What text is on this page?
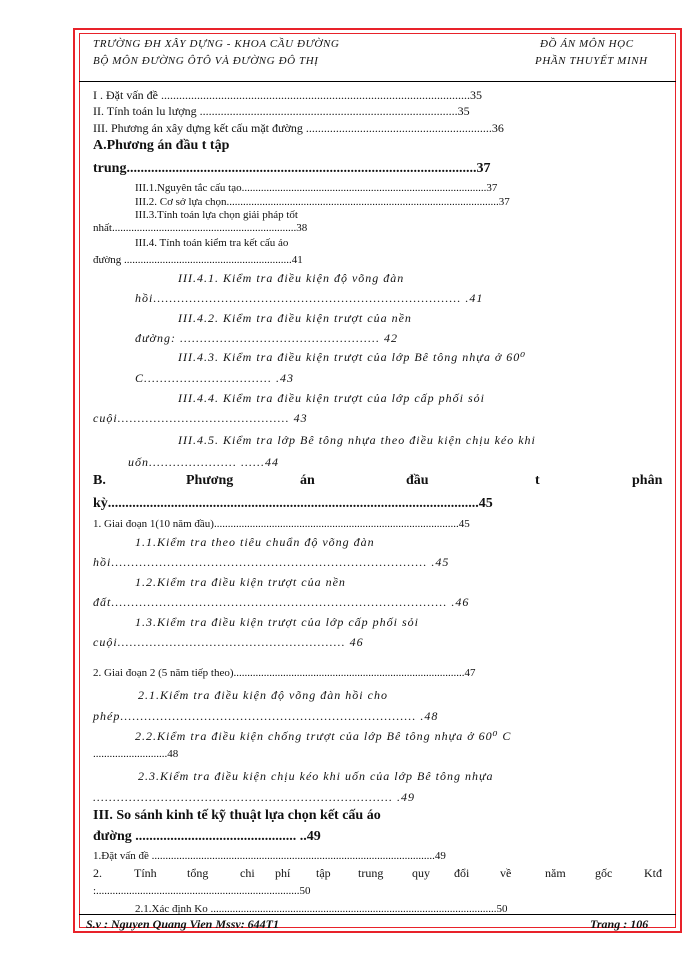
TRƯỜNG ĐH XÂY DỰNG - KHOA CẦU ĐƯỜNG
BỘ MÔN ĐƯỜNG ÔTÔ VÀ ĐƯỜNG ĐÔ THỊ
ĐỒ ÁN MÔN HỌC
PHẦN THUYẾT MINH
I . Đặt vấn đề .......................................................................................................35
II. Tính toán lu lượng ......................................................................................35
III. Phương án xây dựng kết cấu mặt đường ..............................................................36
A.Phương án đầu t tập
trung....................................................................................................37
III.1.Nguyên tắc cấu tạo.........................................................................................37
III.2. Cơ sở lựa chọn...................................................................................................37
III.3.Tính toán lựa chọn giải pháp tốt
nhất...................................................................38
III.4. Tính toán kiểm tra kết cấu áo
đường .............................................................41
III.4.1. Kiểm tra điều kiện độ võng đàn
hồi............................................................................. .41
III.4.2. Kiểm tra điều kiện trượt của nền
đường: .................................................. 42
III.4.3. Kiểm tra điều kiện trượt của lớp Bê tông nhựa ở 60⁰
C................................ .43
III.4.4. Kiểm tra điều kiện trượt của lớp cấp phối sỏi
cuội........................................... 43
III.4.5. Kiểm tra lớp Bê tông nhựa theo điều kiện chịu kéo khi
uốn...................... ......44
B.	Phương	án	đầu	t	phân
kỳ..........................................................................................................45
1. Giai đoạn 1(10 năm đầu).........................................................................................45
1.1.Kiểm tra theo tiêu chuẩn độ võng đàn
hồi............................................................................... .45
1.2.Kiểm tra điều kiện trượt của nền
đất.................................................................................... .46
1.3.Kiểm tra điều kiện trượt của lớp cấp phối sỏi
cuội......................................................... 46
2. Giai đoạn 2 (5 năm tiếp theo)....................................................................................47
2.1.Kiểm tra điều kiện độ võng đàn hồi cho
phép.......................................................................... .48
2.2.Kiểm tra điều kiện chống trượt của lớp Bê tông nhựa ở 60⁰ C
...........................48
2.3.Kiểm tra điều kiện chịu kéo khi uốn của lớp Bê tông nhựa
........................................................................... .49
III. So sánh kinh tế kỹ thuật lựa chọn kết cấu áo
đường .............................................. ..49
1.Đặt vấn đề .......................................................................................................49
2.	Tính	tổng	chi phí tập trung quy đổi	về	năm gốc	Ktđ
:..........................................................................50
2.1.Xác định Ko ........................................................................................................50
S.v : Nguyen Quang Vien Mssv: 644T1	Trang : 106
